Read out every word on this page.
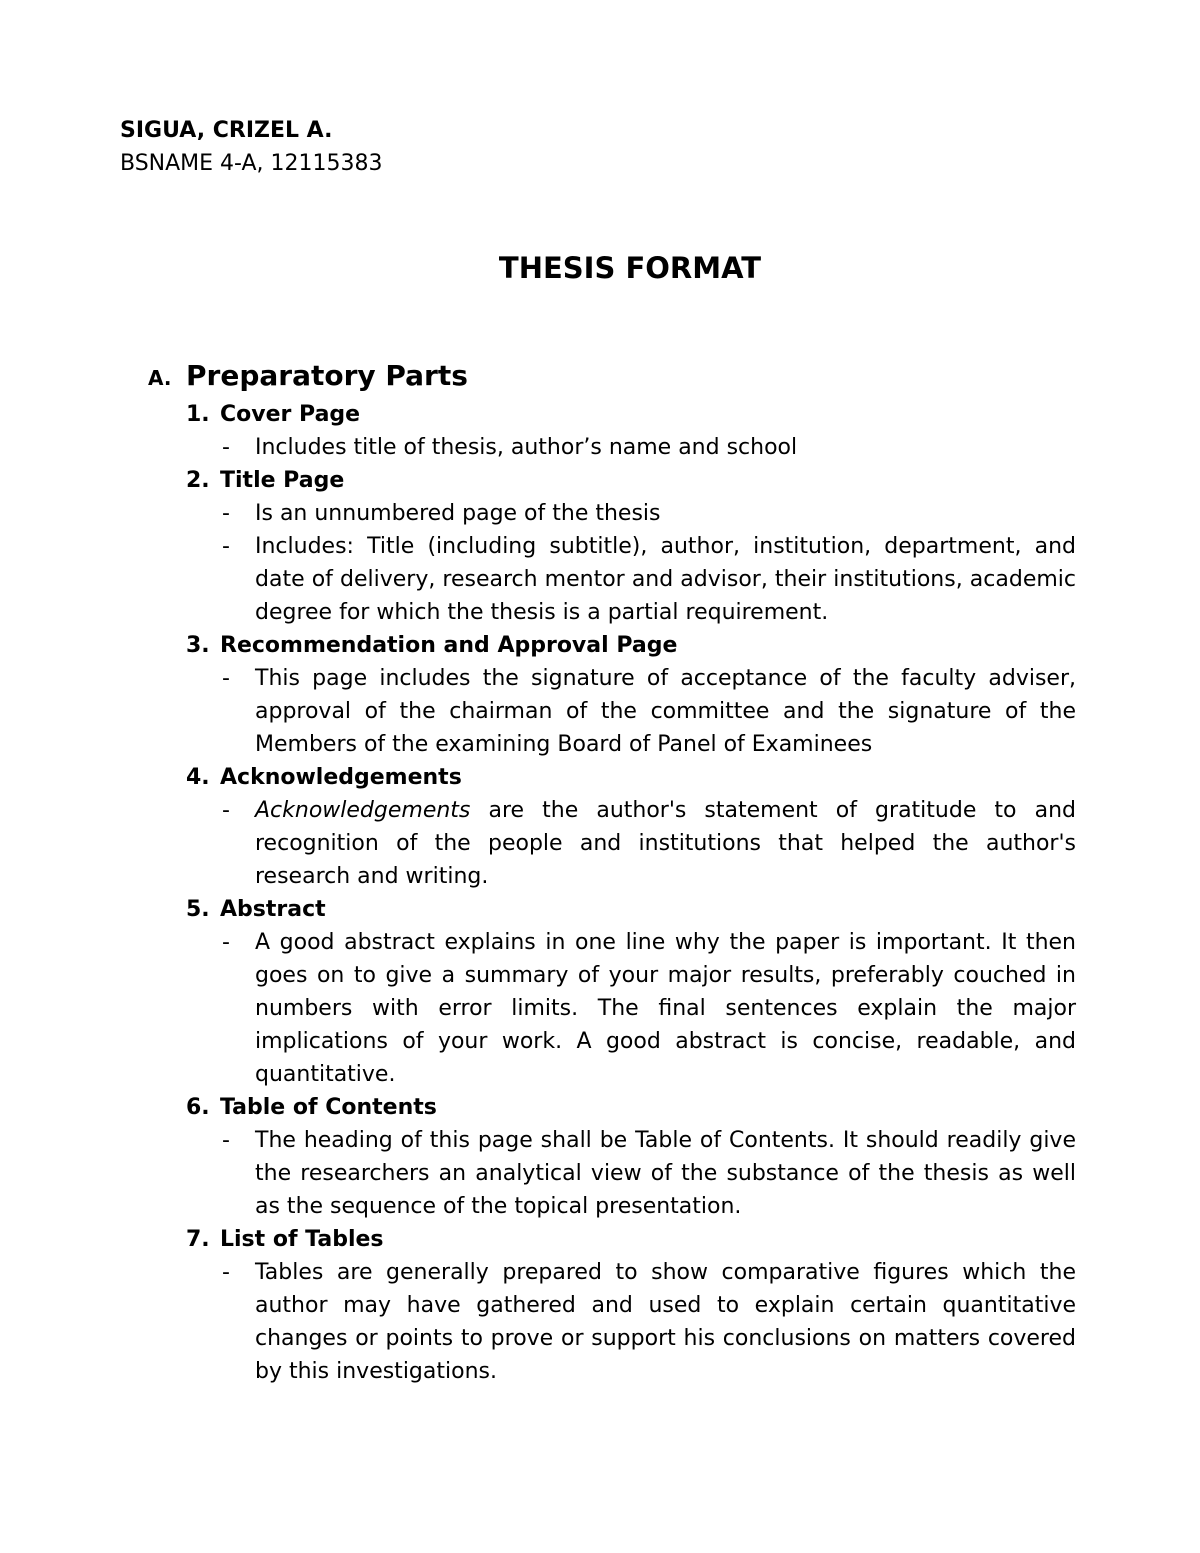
SIGUA, CRIZEL A.
BSNAME 4-A, 12115383
THESIS FORMAT
A. Preparatory Parts
1. Cover Page
- Includes title of thesis, author’s name and school
2. Title Page
- Is an unnumbered page of the thesis
- Includes: Title (including subtitle), author, institution, department, and date of delivery, research mentor and advisor, their institutions, academic degree for which the thesis is a partial requirement.
3. Recommendation and Approval Page
- This page includes the signature of acceptance of the faculty adviser, approval of the chairman of the committee and the signature of the Members of the examining Board of Panel of Examinees
4. Acknowledgements
- Acknowledgements are the author's statement of gratitude to and recognition of the people and institutions that helped the author's research and writing.
5. Abstract
- A good abstract explains in one line why the paper is important. It then goes on to give a summary of your major results, preferably couched in numbers with error limits. The final sentences explain the major implications of your work. A good abstract is concise, readable, and quantitative.
6. Table of Contents
- The heading of this page shall be Table of Contents. It should readily give the researchers an analytical view of the substance of the thesis as well as the sequence of the topical presentation.
7. List of Tables
- Tables are generally prepared to show comparative figures which the author may have gathered and used to explain certain quantitative changes or points to prove or support his conclusions on matters covered by this investigations.
